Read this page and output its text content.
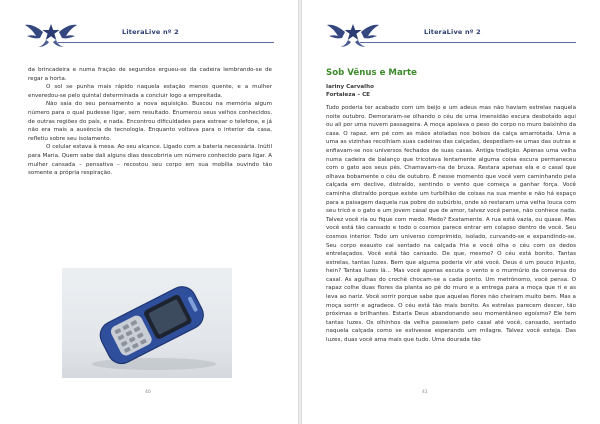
LiteraLive nº 2

da brincadeira e numa fração de segundos ergueu-se da cadeira lembrando-se de regar a horta.

O sol se punha mais rápido naquela estação menos quente, e a mulher enveredou-se pelo quintal determinada a concluir logo a empreitada.

Não saía do seu pensamento a nova aquisição. Buscou na memória algum número para o qual pudesse ligar, sem resultado. Enumerou seus velhos conhecidos, de outras regiões do país, e nada. Encontrou dificuldades para estrear o telefone, e já não era mais a ausência de tecnologia. Enquanto voltava para o interior da casa, refletiu sobre seu isolamento.

O celular estava à mesa. Ao seu alcance. Ligado com a bateria necessária. Inútil para Maria. Quem sabe dali alguns dias descobriria um número conhecido para ligar. A mulher cansada – pensativa – recostou seu corpo em sua mobília ouvindo tão somente a própria respiração.

40
LiteraLive nº 2
Sob Vênus e Marte
Iariny Carvalho
Fortaleza – CE
Tudo poderia ter acabado com um beijo e um adeus mas não haviam estrelas naquela noite outubro. Demoraram-se olhando o céu de uma imensidão escura desbotado aqui ou ali por uma nuvem passageira. A moça apoiava o peso do corpo no muro baixinho da casa. O rapaz, em pé com as mãos atoladas nos bolsos da calça amarrotada. Uma a uma as vizinhas recolhiam suas cadeiras das calçadas, despediam-se umas das outras e enfiavam-se nos universos fechados de suas casas. Antiga tradição. Apenas uma velha numa cadeira de balanço que tricotava lentamente alguma coisa escura permaneceu com o gato aos seus pés. Chamavam-na de bruxa. Restara apenas ela e o casal que olhava bobamente o céu de outubro. É nesse momento que você vem caminhando pela calçada em declive, distraído, sentindo o vento que começa a ganhar força. Você caminha distraído porque existe um turbilhão de coisas na sua mente e não há espaço para a paisagem daquela rua pobre do subúrbio, onde só restaram uma velha louca com seu tricô e o gato e um jovem casal que de amor, talvez você pense, não conhece nada. Talvez você ria ou fique com medo. Medo? Exatamente. A rua está vazia, ou quase. Mas você está tão cansado e todo o cosmos parece entrar em colapso dentro de você. Seu cosmos interior. Todo um universo comprimido, isolado, curvando-se e expandindo-se. Seu corpo exausto cai sentado na calçada fria e você olha o céu com os dedos entrelaçados. Você está tão cansado. De que, mesmo? O céu está bonito. Tantas estrelas, tantas luzes. Bem que alguma poderia vir até você. Deus é um pouco injusto, hein? Tantas luzes lá... Mas você apenas escuta o vento e o murmúrio da conversa do casal. As agulhas do crochê chocam-se a cada ponto. Um metrônomo, você pensa. O rapaz colhe duas flores da planta ao pé do muro e a entrega para a moça que ri e as leva ao nariz. Você sorrir porque sabe que aquelas flores não cheiram muito bem. Mas a moça sorrir e agradece. O céu está tão mais bonito. As estrelas parecem descer, tão próximas e brilhantes. Estaria Deus abandonando seu momentâneo egoísmo? Ele tem tantas luzes. Os olhinhos da velha passeiam pelo casal até você, cansado, sentado naquela calçada como se estivesse esperando um milagre. Talvez você esteja. Das luzes, duas você ama mais que tudo. Uma dourada tão
41
